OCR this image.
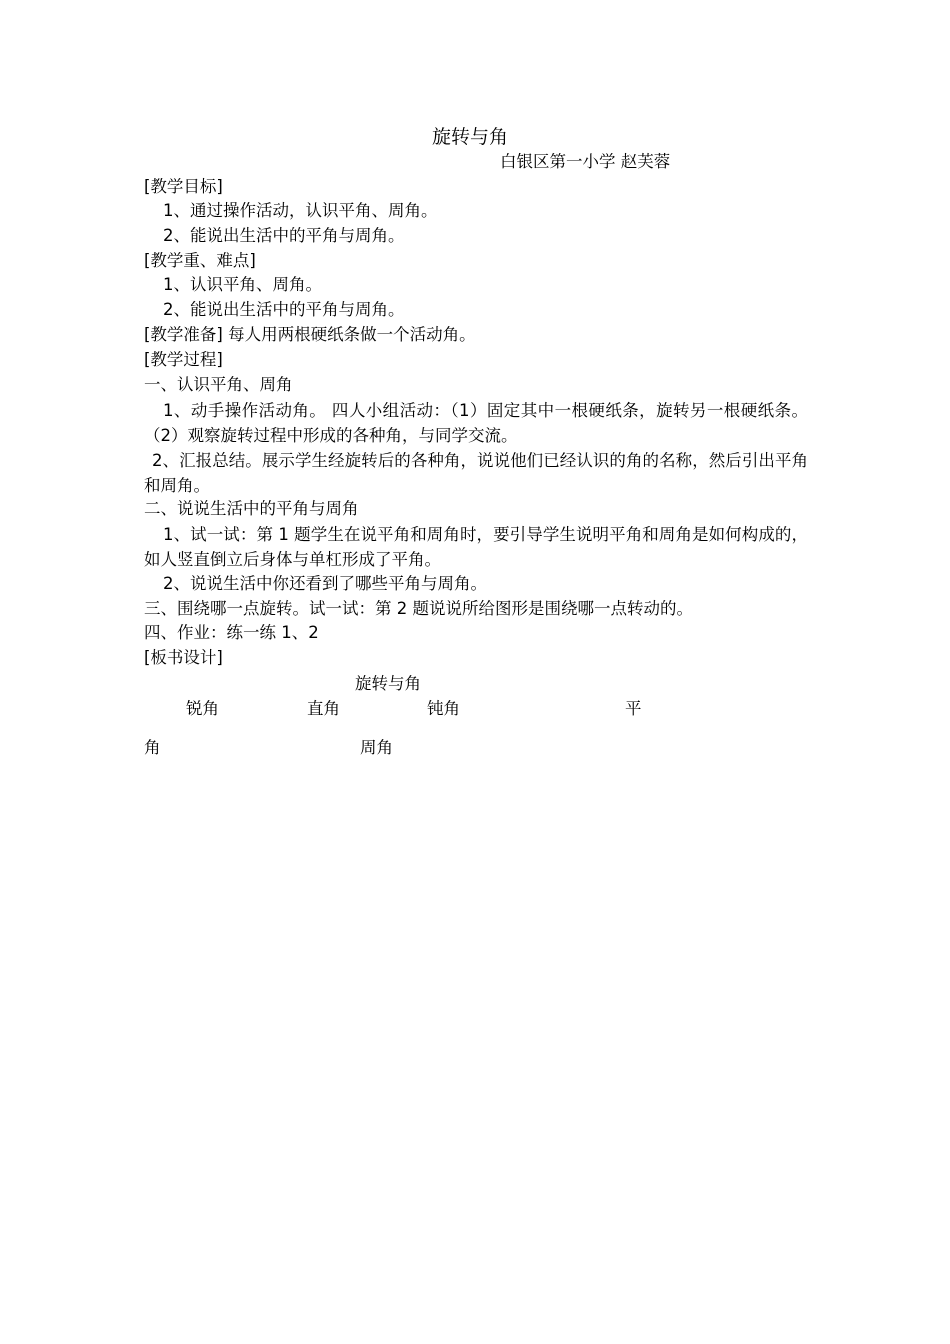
旋转与角
白银区第一小学 赵芙蓉
[教学目标]
1、通过操作活动，认识平角、周角。
2、能说出生活中的平角与周角。
[教学重、难点]
1、认识平角、周角。
2、能说出生活中的平角与周角。
[教学准备] 每人用两根硬纸条做一个活动角。
[教学过程]
一、认识平角、周角
1、动手操作活动角。 四人小组活动：（1）固定其中一根硬纸条，旋转另一根硬纸条。（2）观察旋转过程中形成的各种角，与同学交流。
2、汇报总结。展示学生经旋转后的各种角，说说他们已经认识的角的名称，然后引出平角和周角。
二、说说生活中的平角与周角
1、试一试：第 1 题学生在说平角和周角时，要引导学生说明平角和周角是如何构成的，如人竖直倒立后身体与单杠形成了平角。
2、说说生活中你还看到了哪些平角与周角。
三、围绕哪一点旋转。试一试：第 2 题说说所给图形是围绕哪一点转动的。
四、作业：练一练 1、2
[板书设计]
旋转与角
锐角	直角	钝角	平
角	周角
